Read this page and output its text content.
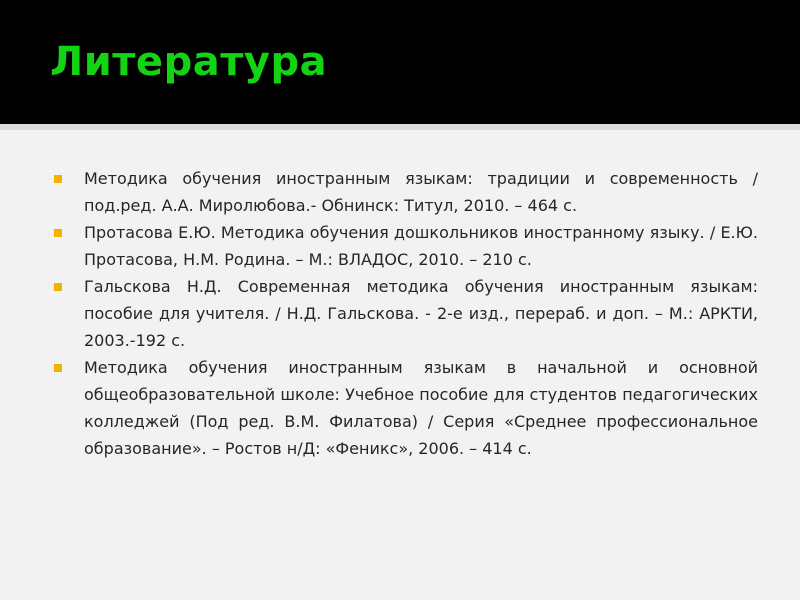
Литература
Методика обучения иностранным языкам: традиции и современность / под.ред. А.А. Миролюбова.- Обнинск: Титул, 2010. – 464 с.
Протасова Е.Ю. Методика обучения дошкольников иностранному языку. / Е.Ю. Протасова, Н.М. Родина. – М.: ВЛАДОС, 2010. – 210 с.
Гальскова Н.Д. Современная методика обучения иностранным языкам: пособие для учителя. / Н.Д. Гальскова. - 2-е изд., перераб. и доп. – М.: АРКТИ, 2003.-192 с.
Методика обучения иностранным языкам в начальной и основной общеобразовательной школе: Учебное пособие для студентов педагогических колледжей (Под ред. В.М. Филатова) / Серия «Среднее профессиональное образование». – Ростов н/Д: «Феникс», 2006. – 414 с.
